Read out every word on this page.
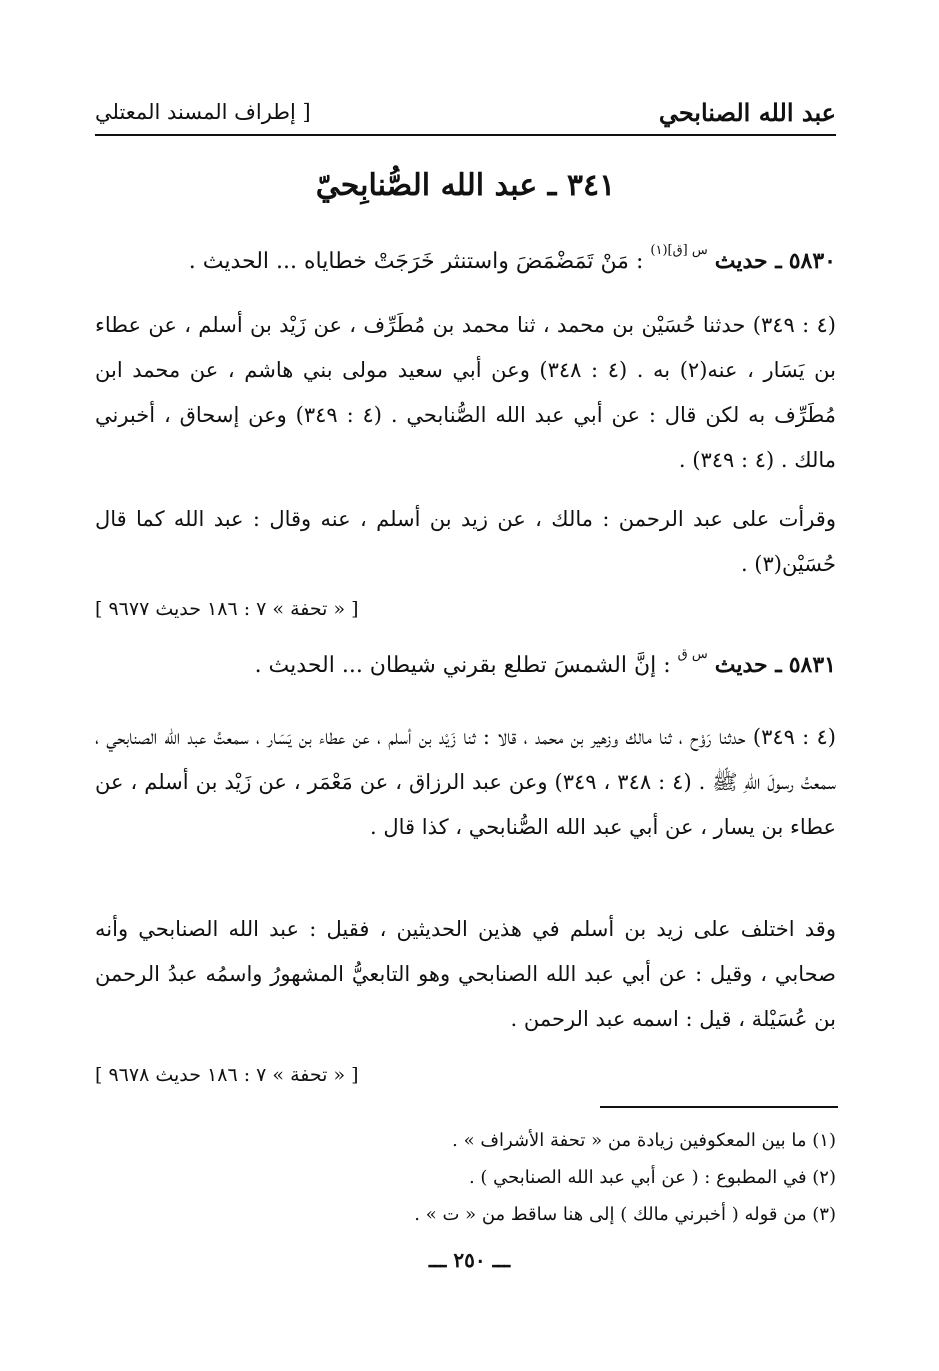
عبد الله الصنابحي
[ إطراف المسند المعتلي
٣٤١ ـ عبد الله الصُّنابِحيّ
٥٨٣٠ ـ حديث $^{س [ق](١)}$ : مَنْ تَمَضْمَضَ واستنثر خَرَجَتْ خطاياه ... الحديث .
(٤ : ٣٤٩) حدثنا حُسَيْن بن محمد ، ثنا محمد بن مُطَرِّف ، عن زَيْد بن أسلم ، عن عطاء بن يَسَار ، عنه(٢) به . (٤ : ٣٤٨) وعن أبي سعيد مولى بني هاشم ، عن محمد ابن مُطَرِّف به لكن قال : عن أبي عبد الله الصُّنابحي . (٤ : ٣٤٩) وعن إسحاق ، أخبرني مالك . (٤ : ٣٤٩) .
وقرأت على عبد الرحمن : مالك ، عن زيد بن أسلم ، عنه وقال : عبد الله كما قال حُسَيْن(٣) .
[ « تحفة » ٧ : ١٨٦ حديث ٩٦٧٧ ]
٥٨٣١ ـ حديث $^{س ق}$ : إنَّ الشمسَ تطلع بقرني شيطان ... الحديث .
(٤ : ٣٤٩) حدثنا رَوْح ، ثنا مالك وزهير بن محمد ، قالا : ثنا زَيْد بن أسلم ، عن عطاء بن يَسَار ، سمعتُ عبد الله الصنابحي ، سمعتُ رسولَ اللهِ ﷺ . (٤ : ٣٤٨ ، ٣٤٩) وعن عبد الرزاق ، عن مَعْمَر ، عن زَيْد بن أسلم ، عن عطاء بن يسار ، عن أبي عبد الله الصُّنابحي ، كذا قال .
وقد اختلف على زيد بن أسلم في هذين الحديثين ، فقيل : عبد الله الصنابحي وأنه صحابي ، وقيل : عن أبي عبد الله الصنابحي وهو التابعيُّ المشهورُ واسمُه عبدُ الرحمن بن عُسَيْلة ، قيل : اسمه عبد الرحمن .
[ « تحفة » ٧ : ١٨٦ حديث ٩٦٧٨ ]
(١) ما بين المعكوفين زيادة من « تحفة الأشراف » .
(٢) في المطبوع : ( عن أبي عبد الله الصنابحي ) .
(٣) من قوله ( أخبرني مالك ) إلى هنا ساقط من « ت » .
ـــ ٢٥٠ ـــ
